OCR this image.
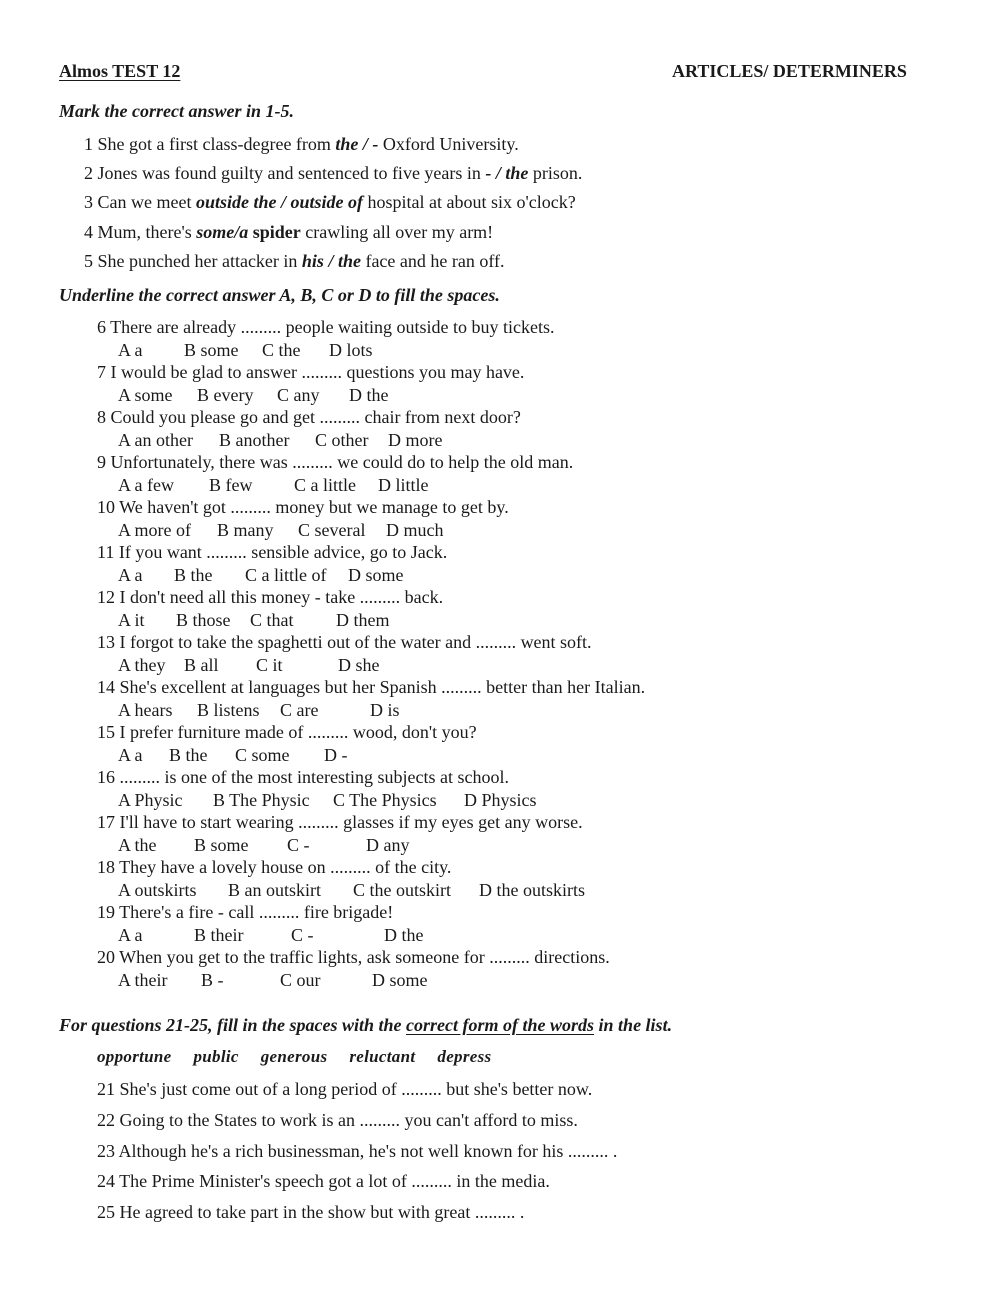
Almos TEST 12	ARTICLES/ DETERMINERS
Mark the correct answer in 1-5.
1 She got a first class-degree from the / - Oxford University.
2 Jones was found guilty and sentenced to five years in - / the prison.
3 Can we meet outside the / outside of hospital at about six o'clock?
4 Mum, there's some/a spider crawling all over my arm!
5 She punched her attacker in his / the face and he ran off.
Underline the correct answer A, B, C or D to fill the spaces.
6 There are already ......... people waiting outside to buy tickets.
A a B some C the D lots
7 I would be glad to answer ......... questions you may have.
A some B every C any D the
8 Could you please go and get ......... chair from next door?
A an other B another C other D more
9 Unfortunately, there was ......... we could do to help the old man.
A a few B few C a little D little
10 We haven't got ......... money but we manage to get by.
A more of B many C several D much
11 If you want ......... sensible advice, go to Jack.
A a B the C a little of D some
12 I don't need all this money - take ......... back.
A it B those C that D them
13 I forgot to take the spaghetti out of the water and ......... went soft.
A they B all C it	D she
14 She's excellent at languages but her Spanish ......... better than her Italian.
A hears B listens C are	D is
15 I prefer furniture made of ......... wood, don't you?
A a B the C some D -
16 ......... is one of the most interesting subjects at school.
A Physic B The Physic C The Physics D Physics
17 I'll have to start wearing ......... glasses if my eyes get any worse.
A the B some C -	D any
18 They have a lovely house on ......... of the city.
A outskirts B an outskirt C the outskirt D the outskirts
19 There's a fire - call ......... fire brigade!
A a	B their	C -	D the
20 When you get to the traffic lights, ask someone for ......... directions.
A their B -	C our	D some
For questions 21-25, fill in the spaces with the correct form of the words in the list.
opportune public generous reluctant depress
21 She's just come out of a long period of ......... but she's better now.
22 Going to the States to work is an ......... you can't afford to miss.
23 Although he's a rich businessman, he's not well known for his ......... .
24 The Prime Minister's speech got a lot of ......... in the media.
25 He agreed to take part in the show but with great ......... .
